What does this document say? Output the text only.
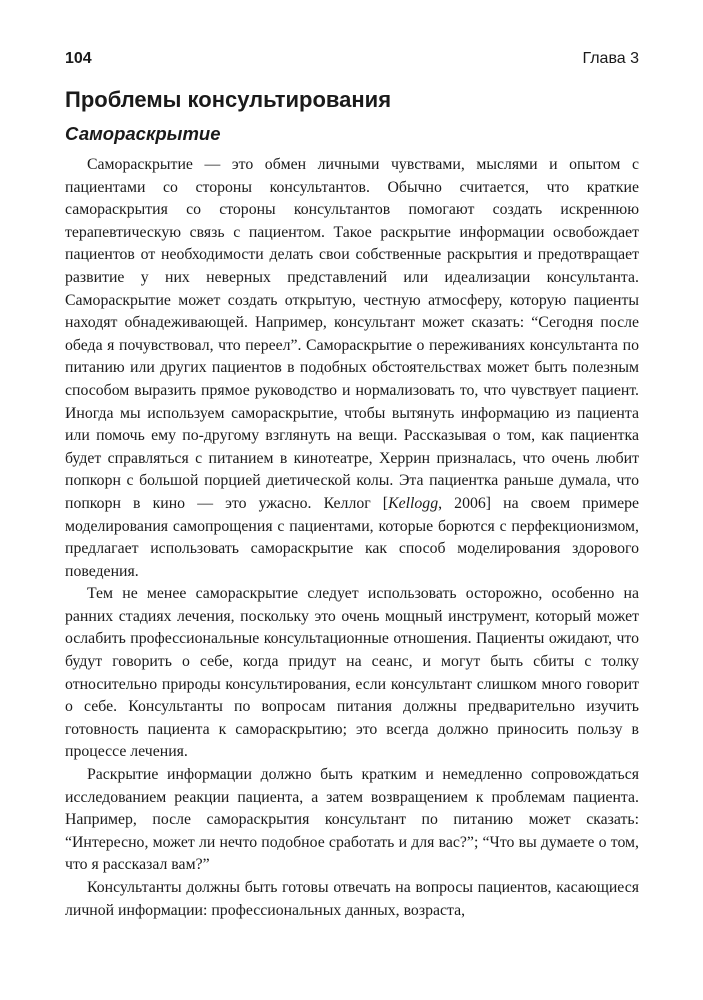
104	Глава 3
Проблемы консультирования
Самораскрытие

Самораскрытие — это обмен личными чувствами, мыслями и опытом с пациентами со стороны консультантов. Обычно считается, что краткие самораскрытия со стороны консультантов помогают создать искреннюю терапевтическую связь с пациентом. Такое раскрытие информации освобождает пациентов от необходимости делать свои собственные раскрытия и предотвращает развитие у них неверных представлений или идеализации консультанта. Самораскрытие может создать открытую, честную атмосферу, которую пациенты находят обнадеживающей. Например, консультант может сказать: “Сегодня после обеда я почувствовал, что переел”. Самораскрытие о переживаниях консультанта по питанию или других пациентов в подобных обстоятельствах может быть полезным способом выразить прямое руководство и нормализовать то, что чувствует пациент. Иногда мы используем самораскрытие, чтобы вытянуть информацию из пациента или помочь ему по-другому взглянуть на вещи. Рассказывая о том, как пациентка будет справляться с питанием в кинотеатре, Херрин призналась, что очень любит попкорн с большой порцией диетической колы. Эта пациентка раньше думала, что попкорн в кино — это ужасно. Келлог [Kellogg, 2006] на своем примере моделирования самопрощения с пациентами, которые борются с перфекционизмом, предлагает использовать самораскрытие как способ моделирования здорового поведения.

Тем не менее самораскрытие следует использовать осторожно, особенно на ранних стадиях лечения, поскольку это очень мощный инструмент, который может ослабить профессиональные консультационные отношения. Пациенты ожидают, что будут говорить о себе, когда придут на сеанс, и могут быть сбиты с толку относительно природы консультирования, если консультант слишком много говорит о себе. Консультанты по вопросам питания должны предварительно изучить готовность пациента к самораскрытию; это всегда должно приносить пользу в процессе лечения.

Раскрытие информации должно быть кратким и немедленно сопровождаться исследованием реакции пациента, а затем возвращением к проблемам пациента. Например, после самораскрытия консультант по питанию может сказать: “Интересно, может ли нечто подобное сработать и для вас?”; “Что вы думаете о том, что я рассказал вам?”

Консультанты должны быть готовы отвечать на вопросы пациентов, касающиеся личной информации: профессиональных данных, возраста,
